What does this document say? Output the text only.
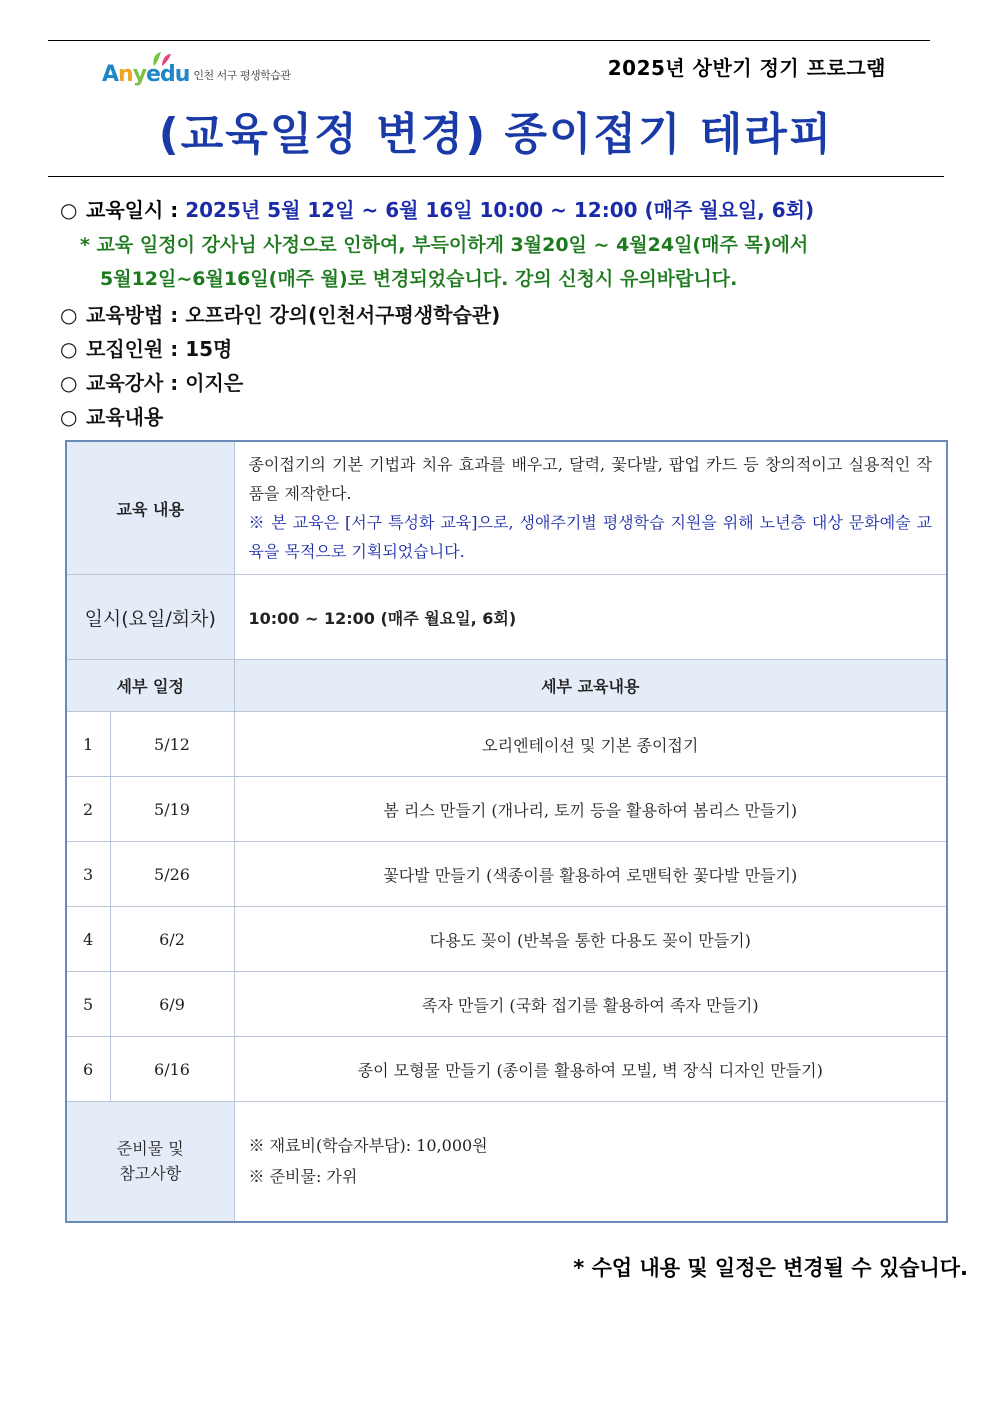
Anyedu 인천 서구 평생학습관	2025년 상반기 정기 프로그램
(교육일정 변경) 종이접기 테라피
○ 교육일시 : 2025년 5월 12일 ~ 6월 16일 10:00 ~ 12:00 (매주 월요일, 6회)
* 교육 일정이 강사님 사정으로 인하여, 부득이하게 3월20일 ~ 4월24일(매주 목)에서
5월12일~6월16일(매주 월)로 변경되었습니다. 강의 신청시 유의바랍니다.
○ 교육방법 : 오프라인 강의(인천서구평생학습관)
○ 모집인원 : 15명
○ 교육강사 : 이지은
○ 교육내용
교육 내용		종이접기의 기본 기법과 치유 효과를 배우고, 달력, 꽃다발, 팝업 카드 등 창의적이고 실용적인 작품을 제작한다.
※ 본 교육은 [서구 특성화 교육]으로, 생애주기별 평생학습 지원을 위해 노년층 대상 문화예술 교육을 목적으로 기획되었습니다.
일시(요일/회차)		10:00 ~ 12:00 (매주 월요일, 6회)
세부 일정		세부 교육내용
1	5/12	오리엔테이션 및 기본 종이접기
2	5/19	봄 리스 만들기 (개나리, 토끼 등을 활용하여 봄리스 만들기)
3	5/26	꽃다발 만들기 (색종이를 활용하여 로맨틱한 꽃다발 만들기)
4	6/2	다용도 꽂이 (반복을 통한 다용도 꽂이 만들기)
5	6/9	족자 만들기 (국화 접기를 활용하여 족자 만들기)
6	6/16	종이 모형물 만들기 (종이를 활용하여 모빌, 벽 장식 디자인 만들기)
준비물 및
참고사항		※ 재료비(학습자부담): 10,000원
※ 준비물: 가위
* 수업 내용 및 일정은 변경될 수 있습니다.
